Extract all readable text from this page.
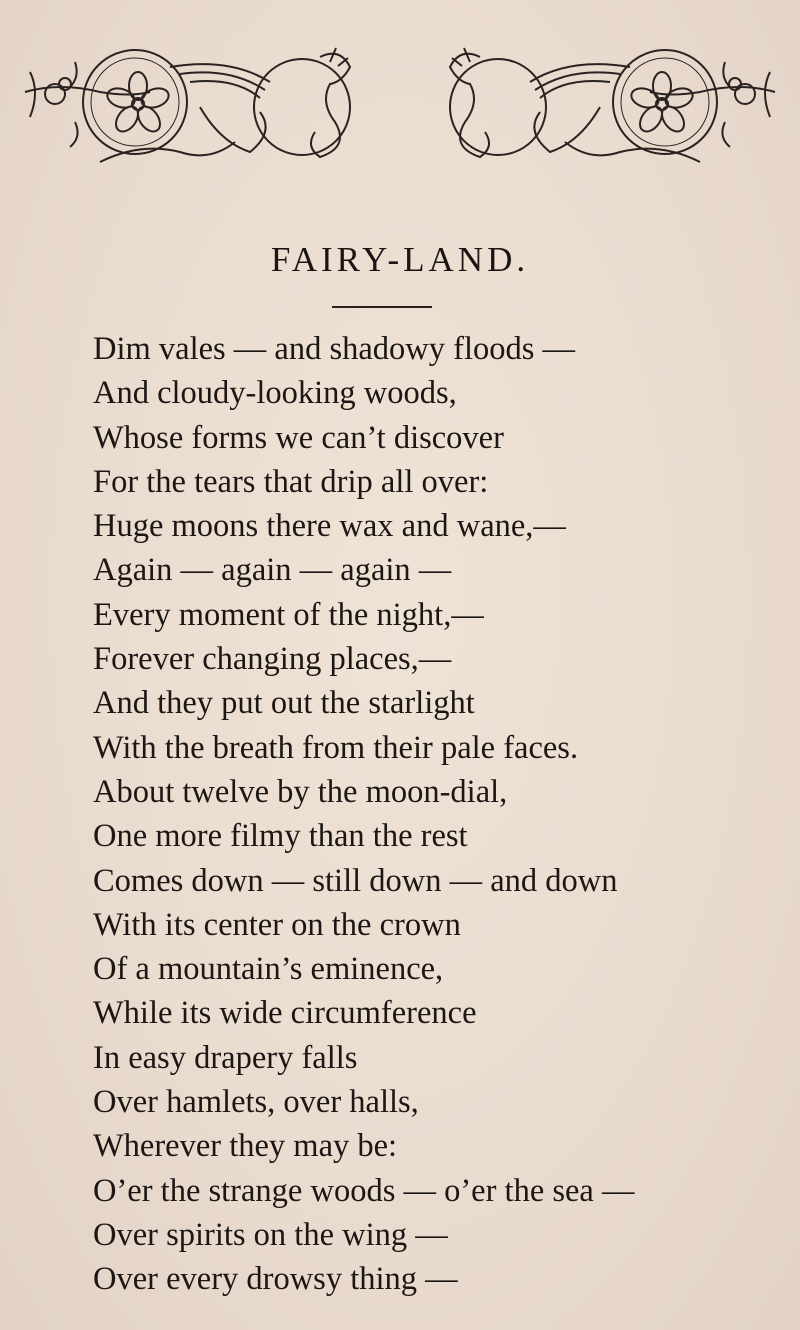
FAIRY-LAND.
Dim vales — and shadowy floods —
And cloudy-looking woods,
Whose forms we can’t discover
For the tears that drip all over:
Huge moons there wax and wane,—
Again — again — again —
Every moment of the night,—
Forever changing places,—
And they put out the starlight
With the breath from their pale faces.
About twelve by the moon-dial,
One more filmy than the rest
Comes down — still down — and down
With its center on the crown
Of a mountain’s eminence,
While its wide circumference
In easy drapery falls
Over hamlets, over halls,
Wherever they may be:
O’er the strange woods — o’er the sea —
Over spirits on the wing —
Over every drowsy thing —
